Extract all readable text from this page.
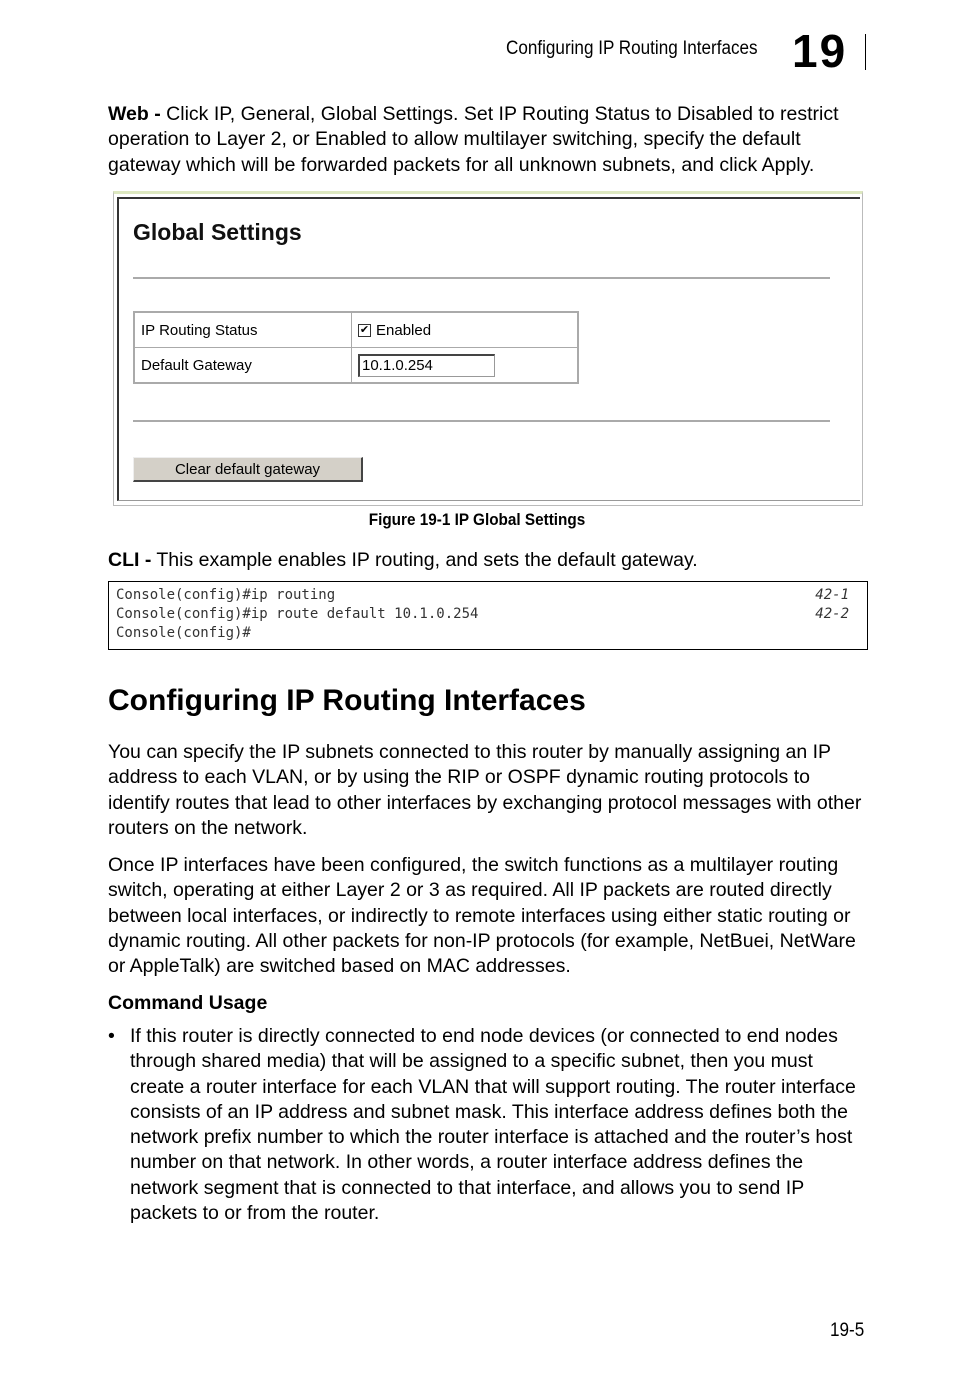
Configuring IP Routing Interfaces 19
Web - Click IP, General, Global Settings. Set IP Routing Status to Disabled to restrict operation to Layer 2, or Enabled to allow multilayer switching, specify the default gateway which will be forwarded packets for all unknown subnets, and click Apply.
Global Settings
IP Routing Status	✔ Enabled
Default Gateway	10.1.0.254
Clear default gateway
Figure 19-1 IP Global Settings
CLI - This example enables IP routing, and sets the default gateway.
Console(config)#ip routing	42-1
Console(config)#ip route default 10.1.0.254	42-2
Console(config)#
Configuring IP Routing Interfaces
You can specify the IP subnets connected to this router by manually assigning an IP address to each VLAN, or by using the RIP or OSPF dynamic routing protocols to identify routes that lead to other interfaces by exchanging protocol messages with other routers on the network.
Once IP interfaces have been configured, the switch functions as a multilayer routing switch, operating at either Layer 2 or 3 as required. All IP packets are routed directly between local interfaces, or indirectly to remote interfaces using either static routing or dynamic routing. All other packets for non-IP protocols (for example, NetBuei, NetWare or AppleTalk) are switched based on MAC addresses.
Command Usage
• If this router is directly connected to end node devices (or connected to end nodes through shared media) that will be assigned to a specific subnet, then you must create a router interface for each VLAN that will support routing. The router interface consists of an IP address and subnet mask. This interface address defines both the network prefix number to which the router interface is attached and the router’s host number on that network. In other words, a router interface address defines the network segment that is connected to that interface, and allows you to send IP packets to or from the router.
19-5
